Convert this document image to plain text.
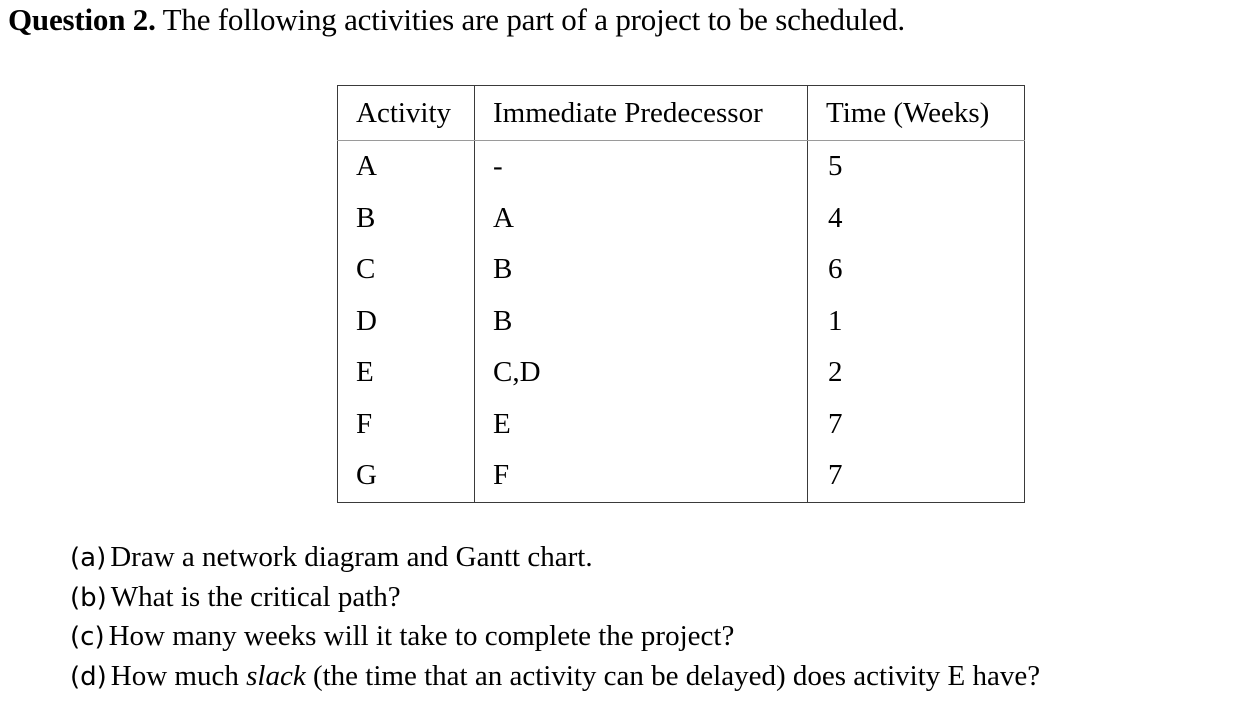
Question 2. The following activities are part of a project to be scheduled.
Activity	Immediate Predecessor	Time (Weeks)
A	-	5
B	A	4
C	B	6
D	B	1
E	C,D	2
F	E	7
G	F	7
(a) Draw a network diagram and Gantt chart.
(b) What is the critical path?
(c) How many weeks will it take to complete the project?
(d) How much slack (the time that an activity can be delayed) does activity E have?
